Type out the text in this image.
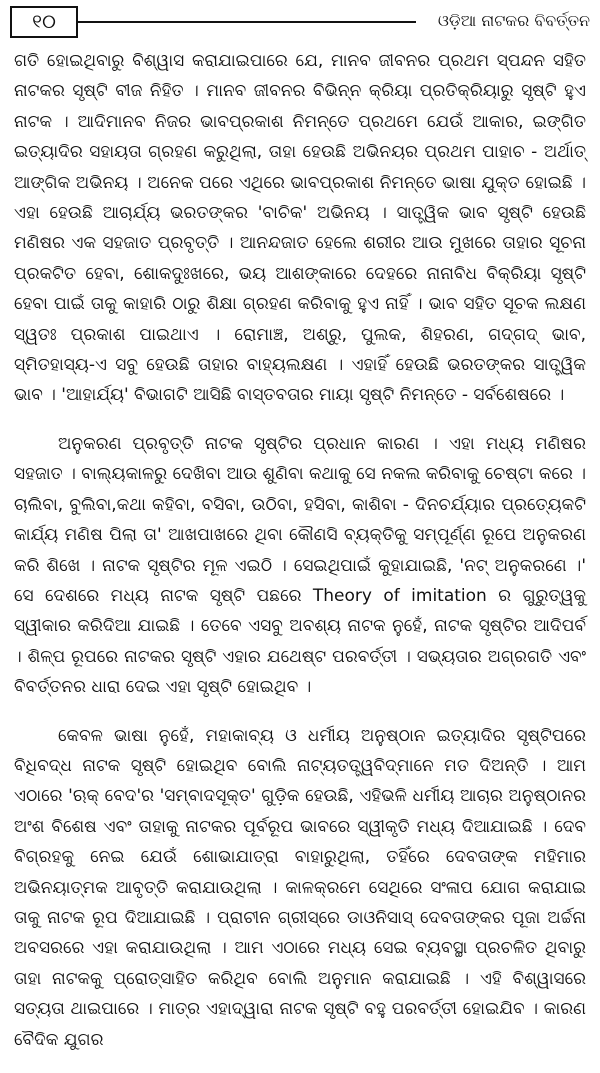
୧୦	ଓଡ଼ିଆ ନାଟକର ବିବର୍ତ୍ତନ

ଗତି ହୋଇଥିବାରୁ ବିଶ୍ୱାସ କରାଯାଇପାରେ ଯେ, ମାନବ ଜୀବନର ପ୍ରଥମ ସ୍ପନ୍ଦନ ସହିତ ନାଟକର ସୃଷ୍ଟି ବୀଜ ନିହିତ । ମାନବ ଜୀବନର ବିଭିନ୍ନ କ୍ରିୟା ପ୍ରତିକ୍ରିୟାରୁ ସୃଷ୍ଟି ହୁଏ ନାଟକ । ଆଦିମାନବ ନିଜର ଭାବପ୍ରକାଶ ନିମନ୍ତେ ପ୍ରଥମେ ଯେଉଁ ଆକାର, ଇଙ୍ଗିତ ଇତ୍ୟାଦିର ସହାୟତା ଗ୍ରହଣ କରୁଥିଲା, ତାହା ହେଉଛି ଅଭିନୟର ପ୍ରଥମ ପାହାଚ - ଅର୍ଥାତ୍ ଆଙ୍ଗିକ ଅଭିନୟ । ଅନେକ ପରେ ଏଥିରେ ଭାବପ୍ରକାଶ ନିମନ୍ତେ ଭାଷା ଯୁକ୍ତ ହୋଇଛି । ଏହା ହେଉଛି ଆଚାର୍ଯ୍ୟ ଭରତଙ୍କର 'ବାଚିକ' ଅଭିନୟ । ସାତ୍ତ୍ୱିକ ଭାବ ସୃଷ୍ଟି ହେଉଛି ମଣିଷର ଏକ ସହଜାତ ପ୍ରବୃତ୍ତି । ଆନନ୍ଦଜାତ ହେଲେ ଶରୀର ଆଉ ମୁଖରେ ତାହାର ସୂଚନା ପ୍ରକଟିତ ହେବା, ଶୋକଦୁଃଖରେ, ଭୟ ଆଶଙ୍କାରେ ଦେହରେ ନାନାବିଧ ବିକ୍ରିୟା ସୃଷ୍ଟି ହେବା ପାଇଁ ତାକୁ କାହାରି ଠାରୁ ଶିକ୍ଷା ଗ୍ରହଣ କରିବାକୁ ହୁଏ ନାହିଁ । ଭାବ ସହିତ ସୂଚକ ଲକ୍ଷଣ ସ୍ୱତଃ ପ୍ରକାଶ ପାଇଥାଏ । ରୋମାଞ୍ଚ, ଅଶ୍ରୁ, ପୁଲକ, ଶିହରଣ, ଗଦ୍‌ଗଦ୍ ଭାବ, ସ୍ମିତହାସ୍ୟ-ଏ ସବୁ ହେଉଛି ତାହାର ବାହ୍ୟଲକ୍ଷଣ । ଏହାହିଁ ହେଉଛି ଭରତଙ୍କର ସାତ୍ତ୍ୱିକ ଭାବ । 'ଆହାର୍ଯ୍ୟ' ବିଭାଗଟି ଆସିଛି ବାସ୍ତବତାର ମାୟା ସୃଷ୍ଟି ନିମନ୍ତେ - ସର୍ବଶେଷରେ ।

ଅନୁକରଣ ପ୍ରବୃତ୍ତି ନାଟକ ସୃଷ୍ଟିର ପ୍ରଧାନ କାରଣ । ଏହା ମଧ୍ୟ ମଣିଷର ସହଜାତ । ବାଲ୍ୟକାଳରୁ ଦେଖିବା ଆଉ ଶୁଣିବା କଥାକୁ ସେ ନକଲ କରିବାକୁ ଚେଷ୍ଟା କରେ । ଚାଲିବା, ବୁଲିବା,କଥା କହିବା, ବସିବା, ଉଠିବା, ହସିବା, କାଶିବା - ଦିନଚର୍ଯ୍ୟାର ପ୍ରତ୍ୟେକଟି କାର୍ଯ୍ୟ ମଣିଷ ପିଲା ତା' ଆଖପାଖରେ ଥିବା କୌଣସି ବ୍ୟକ୍ତିକୁ ସମ୍ପୂର୍ଣ୍ଣ ରୂପେ ଅନୁକରଣ କରି ଶିଖେ । ନାଟକ ସୃଷ୍ଟିର ମୂଳ ଏଇଠି । ସେଇଥିପାଇଁ କୁହାଯାଇଛି, 'ନଟ୍ ଅନୁକରଣେ ।' ସେ ଦେଶରେ ମଧ୍ୟ ନାଟକ ସୃଷ୍ଟି ପଛରେ Theory of imitation ର ଗୁରୁତ୍ୱକୁ ସ୍ୱୀକାର କରିଦିଆ ଯାଇଛି । ତେବେ ଏସବୁ ଅବଶ୍ୟ ନାଟକ ନୁହେଁ, ନାଟକ ସୃଷ୍ଟିର ଆଦିପର୍ବ । ଶିଳ୍ପ ରୂପରେ ନାଟକର ସୃଷ୍ଟି ଏହାର ଯଥେଷ୍ଟ ପରବର୍ତ୍ତୀ । ସଭ୍ୟତାର ଅଗ୍ରଗତି ଏବଂ ବିବର୍ତ୍ତନର ଧାରା ଦେଇ ଏହା ସୃଷ୍ଟି ହୋଇଥିବ ।

କେବଳ ଭାଷା ନୁହେଁ, ମହାକାବ୍ୟ ଓ ଧର୍ମୀୟ ଅନୁଷ୍ଠାନ ଇତ୍ୟାଦିର ସୃଷ୍ଟିପରେ ବିଧିବଦ୍ଧ ନାଟକ ସୃଷ୍ଟି ହୋଇଥିବ ବୋଲି ନାଟ୍ୟତତ୍ତ୍ୱବିଦ୍‌ମାନେ ମତ ଦିଅନ୍ତି । ଆମ ଏଠାରେ 'ଋକ୍ ବେଦ'ର 'ସମ୍ବାଦସୂକ୍ତ' ଗୁଡ଼ିକ ହେଉଛି, ଏହିଭଳି ଧର୍ମୀୟ ଆଚାର ଅନୁଷ୍ଠାନର ଅଂଶ ବିଶେଷ ଏବଂ ତାହାକୁ ନାଟକର ପୂର୍ବରୂପ ଭାବରେ ସ୍ୱୀକୃତି ମଧ୍ୟ ଦିଆଯାଇଛି । ଦେବ ବିଗ୍ରହକୁ ନେଇ ଯେଉଁ ଶୋଭାଯାତ୍ରା ବାହାରୁଥିଲା, ତହିଁରେ ଦେବତାଙ୍କ ମହିମାର ଅଭିନୟାତ୍ମକ ଆବୃତ୍ତି କରାଯାଉଥିଲା । କାଳକ୍ରମେ ସେଥିରେ ସଂଳାପ ଯୋଗ କରାଯାଇ ତାକୁ ନାଟକ ରୂପ ଦିଆଯାଇଛି । ପ୍ରାଚୀନ ଗ୍ରୀସ୍‌ରେ ଡାଓନିସାସ୍ ଦେବତାଙ୍କର ପୂଜା ଅର୍ଚ୍ଚନା ଅବସରରେ ଏହା କରାଯାଉଥିଲା । ଆମ ଏଠାରେ ମଧ୍ୟ ସେଇ ବ୍ୟବସ୍ଥା ପ୍ରଚଳିତ ଥିବାରୁ ତାହା ନାଟକକୁ ପ୍ରୋତ୍ସାହିତ କରିଥିବ ବୋଲି ଅନୁମାନ କରାଯାଇଛି । ଏହି ବିଶ୍ୱାସରେ ସତ୍ୟତା ଥାଇପାରେ । ମାତ୍ର ଏହାଦ୍ୱାରା ନାଟକ ସୃଷ୍ଟି ବହୁ ପରବର୍ତ୍ତୀ ହୋଇଯିବ । କାରଣ ବୈଦିକ ଯୁଗର
